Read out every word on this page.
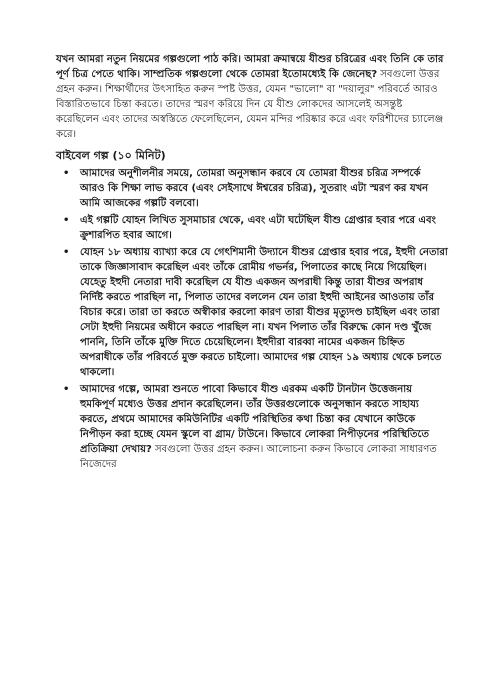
যখন আমরা নতুন নিয়মের গল্পগুলো পাঠ করি। আমরা ক্রমান্বয়ে যীশুর চরিত্রের এবং তিনি কে তার পূর্ণ চিত্র পেতে থাকি। সাম্প্রতিক গল্পগুলো থেকে তোমরা ইতোমধ্যেই কি জেনেছ? সবগুলো উত্তর গ্রহন করুন। শিক্ষার্থীদের উৎসাহিত করুন স্পষ্ট উত্তর, যেমন "ভালো" বা "দয়ালুর" পরিবর্তে আরও বিস্তারিতভাবে চিন্তা করতে। তাদের স্মরণ করিয়ে দিন যে যীশু লোকদের আসলেই অসন্তুষ্ট করেছিলেন এবং তাদের অস্বস্তিতে ফেলেছিলেন, যেমন মন্দির পরিষ্কার করে এবং ফরিশীদের চ্যালেঞ্জ করে।

বাইবেল গল্প (১০ মিনিট)
• আমাদের অনুশীলনীর সময়ে, তোমরা অনুসন্ধান করবে যে তোমরা যীশুর চরিত্র সম্পর্কে আরও কি শিক্ষা লাভ করবে (এবং সেইসাথে ঈশ্বরের চরিত্র), সুতরাং এটা স্মরণ কর যখন আমি আজকের গল্পটি বলবো।
• এই গল্পটি যোহন লিখিত সুসমাচার থেকে, এবং এটা ঘটেছিল যীশু গ্রেপ্তার হবার পরে এবং ক্রুশারপিত হবার আগে।
• যোহন ১৮ অধ্যায় ব্যাখ্যা করে যে গেৎশিমানী উদ্যানে যীশুর গ্রেপ্তার হবার পরে, ইহুদী নেতারা তাকে জিজ্ঞাসাবাদ করেছিল এবং তাঁকে রোমীয় গভর্নর, পিলাতের কাছে নিয়ে গিয়েছিল। যেহেতু ইহুদী নেতারা দাবী করেছিল যে যীশু একজন অপরাধী কিন্তু তারা যীশুর অপরাধ নির্দিষ্ট করতে পারছিল না, পিলাত তাদের বললেন যেন তারা ইহুদী আইনের আওতায় তাঁর বিচার করে। তারা তা করতে অস্বীকার করলো কারণ তারা যীশুর মৃত্যুদণ্ড চাইছিল এবং তারা সেটা ইহুদী নিয়মের অধীনে করতে পারছিল না। যখন পিলাত তাঁর বিরুদ্ধে কোন দণ্ড খুঁজে পাননি, তিনি তাঁকে মুক্তি দিতে চেয়েছিলেন। ইহুদীরা বারব্বা নামের একজন চিহ্নিত অপরাধীকে তাঁর পরিবর্তে মুক্ত করতে চাইলো। আমাদের গল্প যোহন ১৯ অধ্যায় থেকে চলতে থাকলো।
• আমাদের গল্পে, আমরা শুনতে পাবো কিভাবে যীশু এরকম একটি টানটান উত্তেজনায় হুমকিপূর্ণ মধ্যেও উত্তর প্রদান করেছিলেন। তাঁর উত্তরগুলোকে অনুসন্ধান করতে সাহায্য করতে, প্রথমে আমাদের কমিউনিটির একটি পরিস্থিতির কথা চিন্তা কর যেখানে কাউকে নিপীড়ন করা হচ্ছে যেমন স্কুলে বা গ্রাম/ টাউনে। কিভাবে লোকরা নিপীড়নের পরিস্থিতিতে প্রতিক্রিয়া দেখায়? সবগুলো উত্তর গ্রহন করুন। আলোচনা করুন কিভাবে লোকরা সাধারণত নিজেদের
